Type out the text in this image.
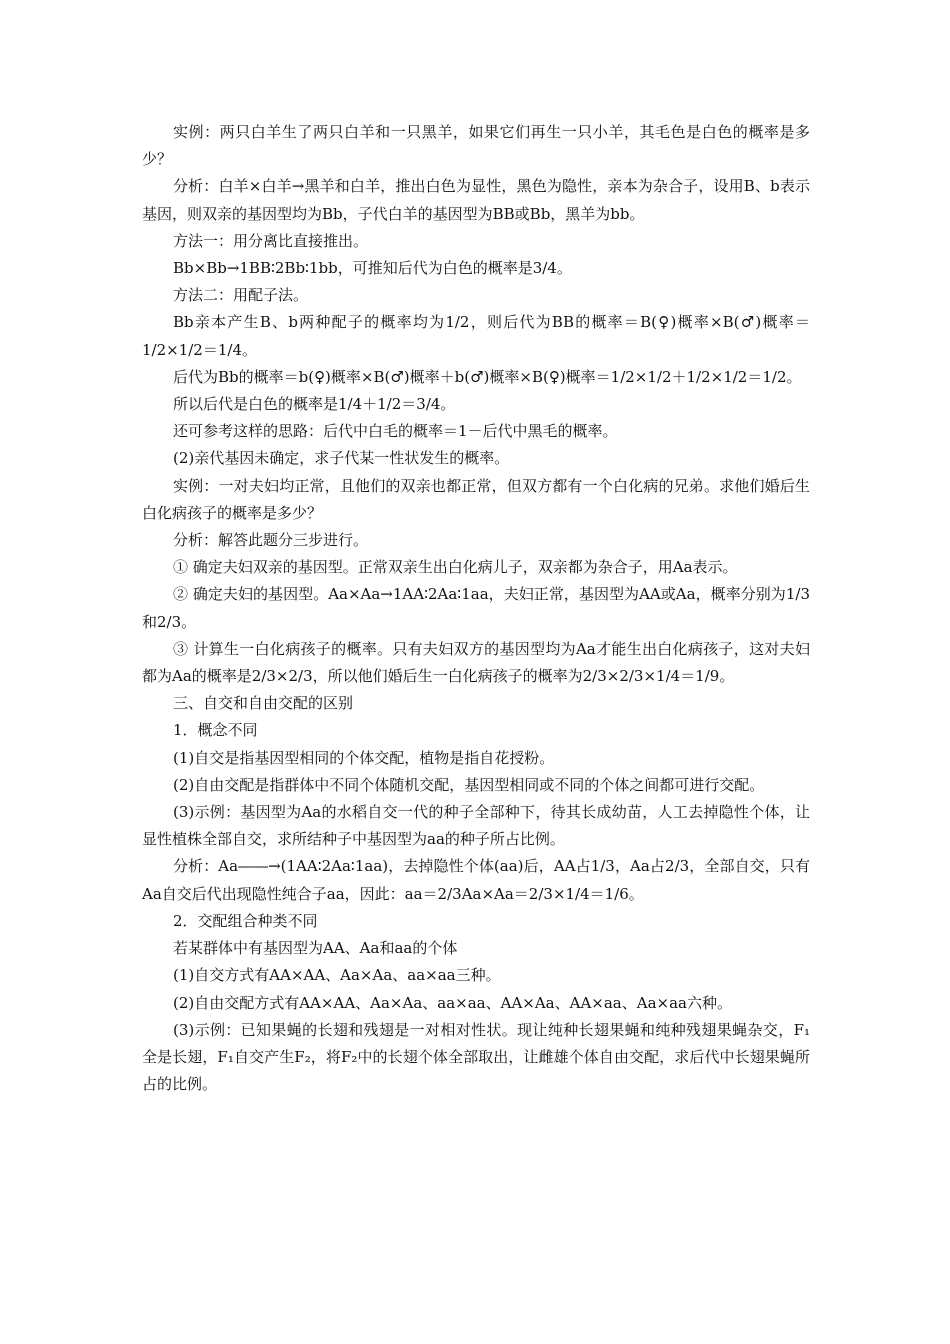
实例：两只白羊生了两只白羊和一只黑羊，如果它们再生一只小羊，其毛色是白色的概率是多少？

分析：白羊×白羊→黑羊和白羊，推出白色为显性，黑色为隐性，亲本为杂合子，设用B、b表示基因，则双亲的基因型均为Bb，子代白羊的基因型为BB或Bb，黑羊为bb。

方法一：用分离比直接推出。

Bb×Bb→1BB∶2Bb∶1bb，可推知后代为白色的概率是3/4。

方法二：用配子法。

Bb亲本产生B、b两种配子的概率均为1/2，则后代为BB的概率＝B(♀)概率×B(♂)概率＝1/2×1/2＝1/4。

后代为Bb的概率＝b(♀)概率×B(♂)概率＋b(♂)概率×B(♀)概率＝1/2×1/2＋1/2×1/2＝1/2。

所以后代是白色的概率是1/4＋1/2＝3/4。

还可参考这样的思路：后代中白毛的概率＝1－后代中黑毛的概率。

(2)亲代基因未确定，求子代某一性状发生的概率。

实例：一对夫妇均正常，且他们的双亲也都正常，但双方都有一个白化病的兄弟。求他们婚后生白化病孩子的概率是多少？

分析：解答此题分三步进行。

① 确定夫妇双亲的基因型。正常双亲生出白化病儿子，双亲都为杂合子，用Aa表示。

② 确定夫妇的基因型。Aa×Aa→1AA∶2Aa∶1aa，夫妇正常，基因型为AA或Aa，概率分别为1/3和2/3。

③ 计算生一白化病孩子的概率。只有夫妇双方的基因型均为Aa才能生出白化病孩子，这对夫妇都为Aa的概率是2/3×2/3，所以他们婚后生一白化病孩子的概率为2/3×2/3×1/4＝1/9。

三、自交和自由交配的区别

1．概念不同

(1)自交是指基因型相同的个体交配，植物是指自花授粉。

(2)自由交配是指群体中不同个体随机交配，基因型相同或不同的个体之间都可进行交配。

(3)示例：基因型为Aa的水稻自交一代的种子全部种下，待其长成幼苗，人工去掉隐性个体，让显性植株全部自交，求所结种子中基因型为aa的种子所占比例。

分析：Aa――→(1AA∶2Aa∶1aa)，去掉隐性个体(aa)后，AA占1/3，Aa占2/3，全部自交，只有Aa自交后代出现隐性纯合子aa，因此：aa＝2/3Aa×Aa＝2/3×1/4＝1/6。

2．交配组合种类不同

若某群体中有基因型为AA、Aa和aa的个体

(1)自交方式有AA×AA、Aa×Aa、aa×aa三种。

(2)自由交配方式有AA×AA、Aa×Aa、aa×aa、AA×Aa、AA×aa、Aa×aa六种。

(3)示例：已知果蝇的长翅和残翅是一对相对性状。现让纯种长翅果蝇和纯种残翅果蝇杂交，F₁全是长翅，F₁自交产生F₂，将F₂中的长翅个体全部取出，让雌雄个体自由交配，求后代中长翅果蝇所占的比例。
